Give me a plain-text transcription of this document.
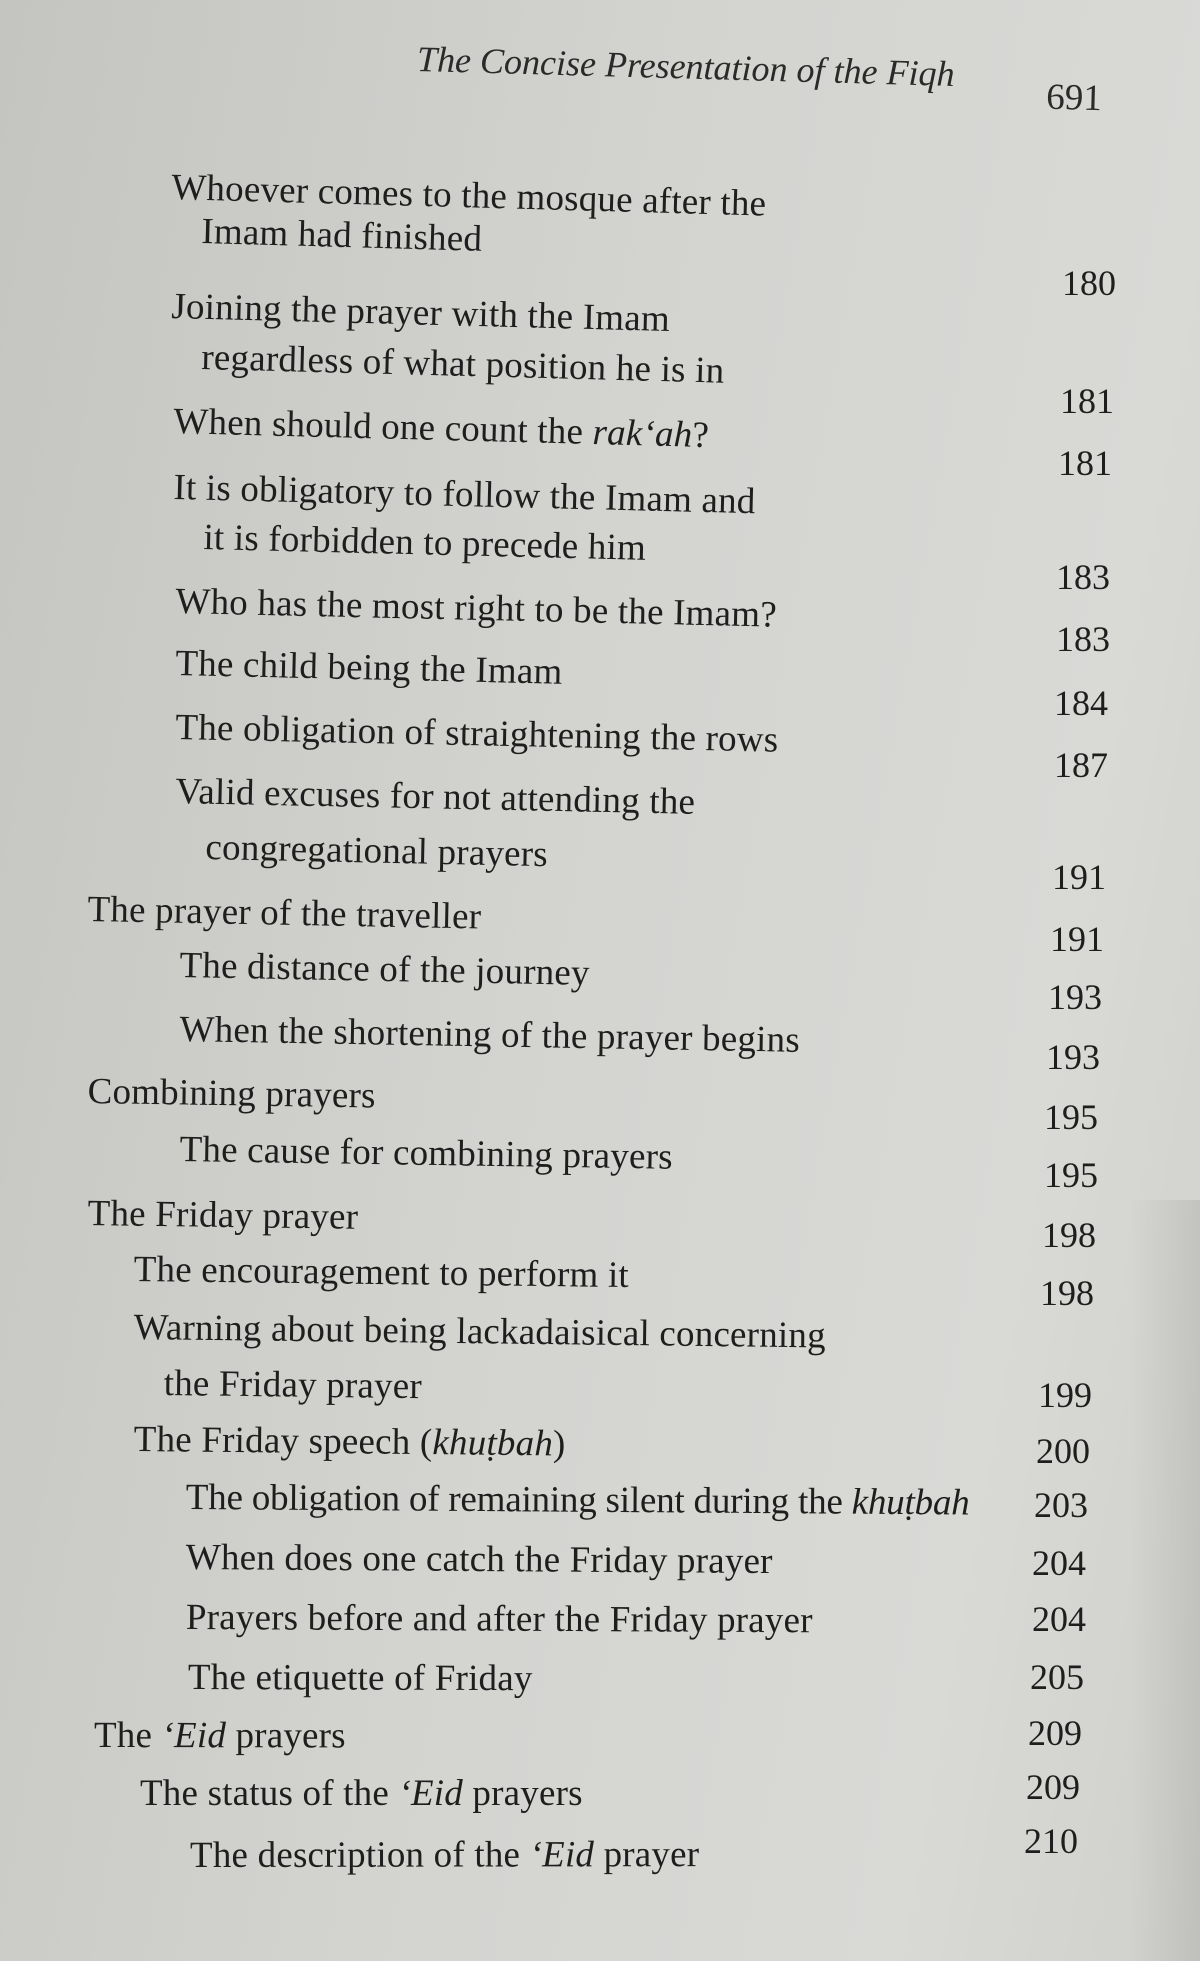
The Concise Presentation of the Fiqh
691
Whoever comes to the mosque after the
Imam had finished
180
Joining the prayer with the Imam
regardless of what position he is in
181
When should one count the rak‘ah?
181
It is obligatory to follow the Imam and
it is forbidden to precede him
183
Who has the most right to be the Imam?
183
The child being the Imam
184
The obligation of straightening the rows
187
Valid excuses for not attending the
congregational prayers
191
The prayer of the traveller
191
The distance of the journey
193
When the shortening of the prayer begins	193
Combining prayers
195
The cause for combining prayers	195
The Friday prayer	198
The encouragement to perform it	198
Warning about being lackadaisical concerning
the Friday prayer	199
The Friday speech (khuṭbah)	200
The obligation of remaining silent during the khuṭbah 203
When does one catch the Friday prayer	204
Prayers before and after the Friday prayer	204
The etiquette of Friday	205
The ‘Eid prayers	209
The status of the ‘Eid prayers	209
The description of the ‘Eid prayer	210
